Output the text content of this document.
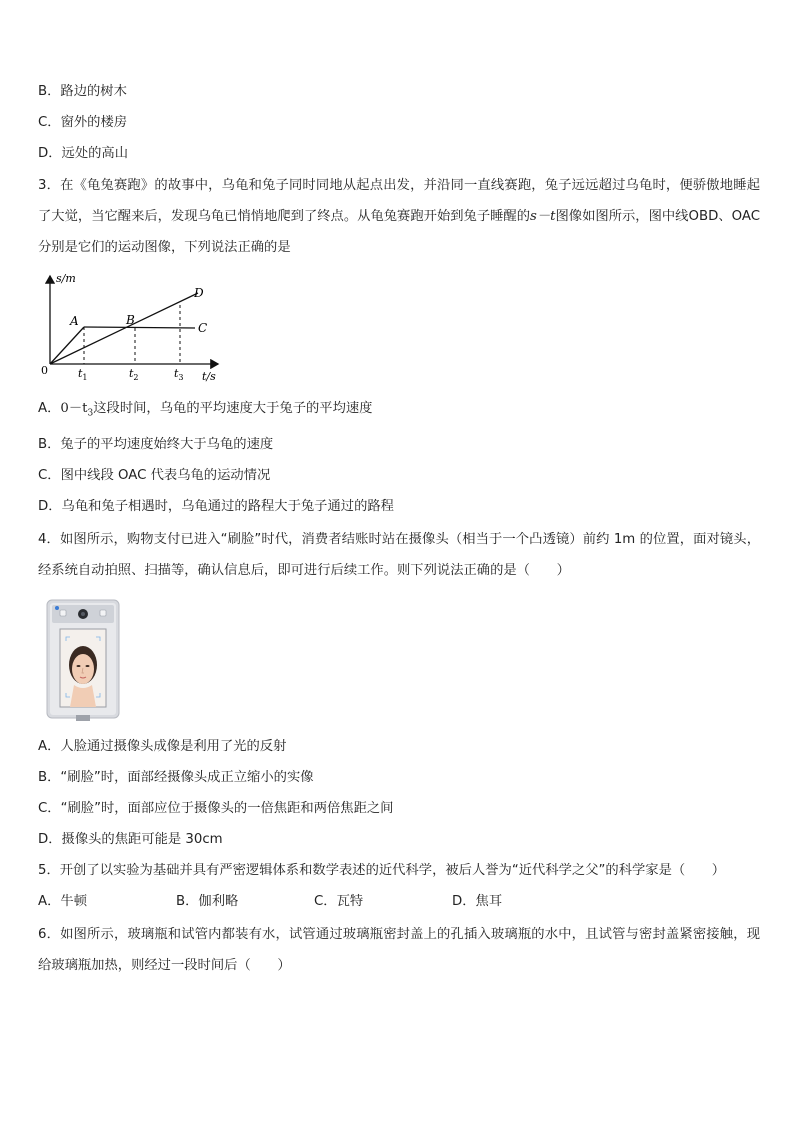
B．路边的树木
C．窗外的楼房
D．远处的高山
3．在《龟兔赛跑》的故事中，乌龟和兔子同时同地从起点出发，并沿同一直线赛跑，兔子远远超过乌龟时，便骄傲地睡起了大觉，当它醒来后，发现乌龟已悄悄地爬到了终点。从龟兔赛跑开始到兔子睡醒的s－t图像如图所示，图中线OBD、OAC 分别是它们的运动图像，下列说法正确的是
s/m
t/s
0
A	B
C
D
$t_1$	$t_2$	$t_3$
A．$0-t_3$这段时间，乌龟的平均速度大于兔子的平均速度
B．兔子的平均速度始终大于乌龟的速度
C．图中线段 OAC 代表乌龟的运动情况
D．乌龟和兔子相遇时，乌龟通过的路程大于兔子通过的路程
4．如图所示，购物支付已进入“刷脸”时代，消费者结账时站在摄像头（相当于一个凸透镜）前约 1m 的位置，面对镜头，经系统自动拍照、扫描等，确认信息后，即可进行后续工作。则下列说法正确的是（　　）
A．人脸通过摄像头成像是利用了光的反射
B．“刷脸”时，面部经摄像头成正立缩小的实像
C．“刷脸”时，面部应位于摄像头的一倍焦距和两倍焦距之间
D．摄像头的焦距可能是 30cm
5．开创了以实验为基础并具有严密逻辑体系和数学表述的近代科学，被后人誉为“近代科学之父”的科学家是（　　）
A．牛顿	B．伽利略	C．瓦特	D．焦耳
6．如图所示，玻璃瓶和试管内都装有水，试管通过玻璃瓶密封盖上的孔插入玻璃瓶的水中，且试管与密封盖紧密接触，现给玻璃瓶加热，则经过一段时间后（　　）
